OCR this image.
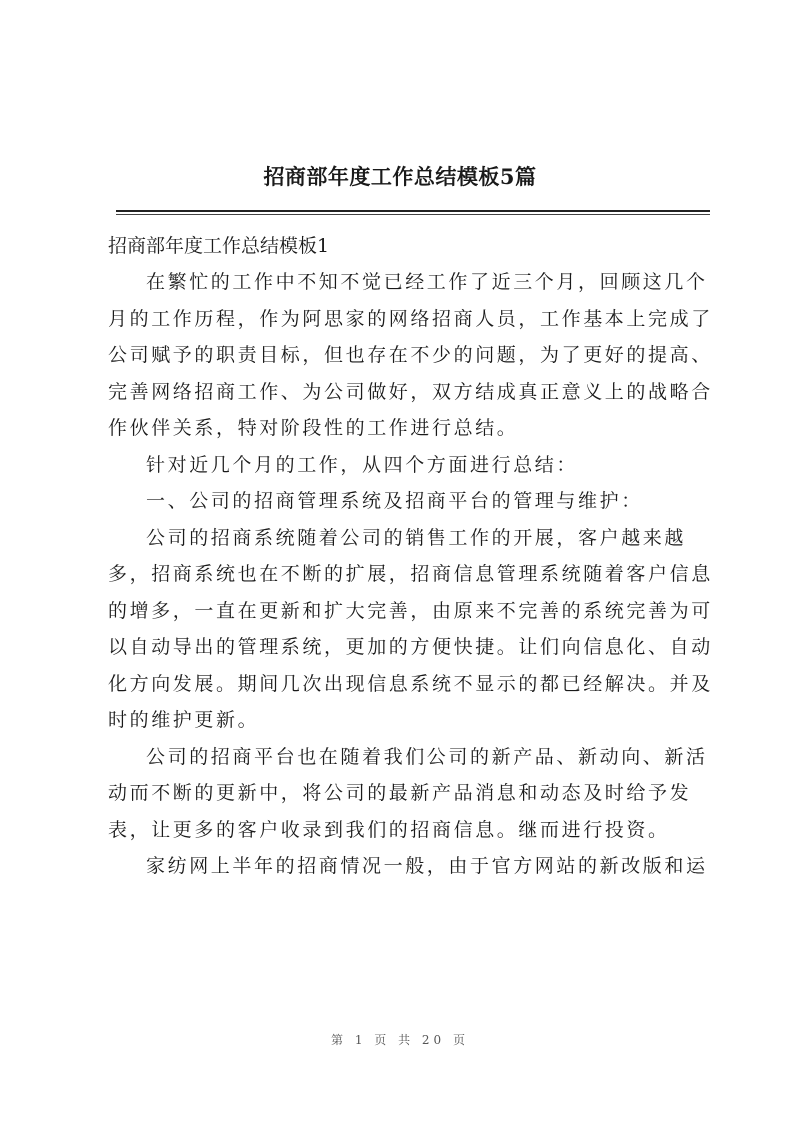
招商部年度工作总结模板5篇

招商部年度工作总结模板1

在繁忙的工作中不知不觉已经工作了近三个月，回顾这几个
月的工作历程，作为阿思家的网络招商人员，工作基本上完成了
公司赋予的职责目标，但也存在不少的问题，为了更好的提高、
完善网络招商工作、为公司做好，双方结成真正意义上的战略合
作伙伴关系，特对阶段性的工作进行总结。

针对近几个月的工作，从四个方面进行总结：

一、公司的招商管理系统及招商平台的管理与维护：

公司的招商系统随着公司的销售工作的开展，客户越来越
多，招商系统也在不断的扩展，招商信息管理系统随着客户信息
的增多，一直在更新和扩大完善，由原来不完善的系统完善为可
以自动导出的管理系统，更加的方便快捷。让们向信息化、自动
化方向发展。期间几次出现信息系统不显示的都已经解决。并及
时的维护更新。

公司的招商平台也在随着我们公司的新产品、新动向、新活
动而不断的更新中，将公司的最新产品消息和动态及时给予发
表，让更多的客户收录到我们的招商信息。继而进行投资。

家纺网上半年的招商情况一般，由于官方网站的新改版和运

第 1 页 共 20 页
